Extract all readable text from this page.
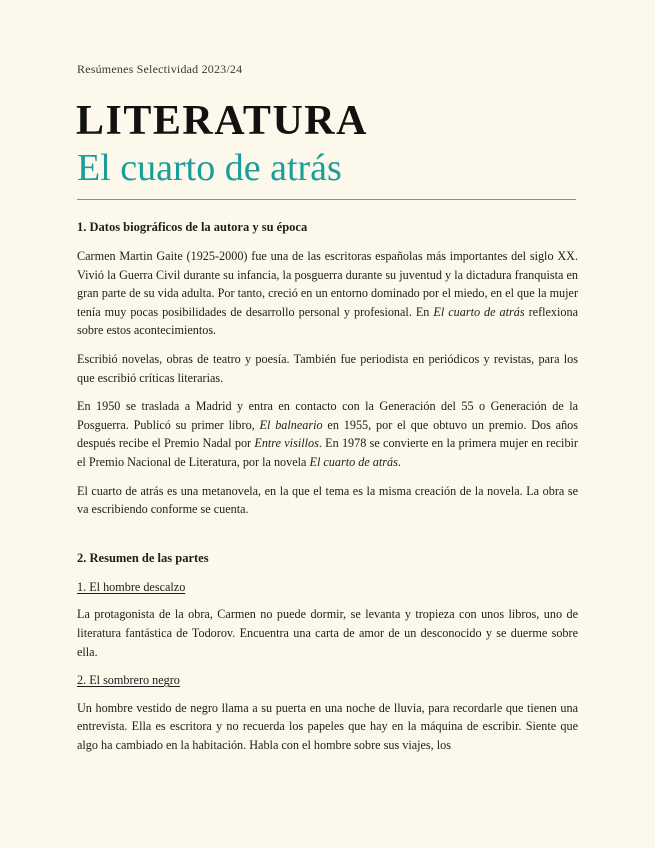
Resúmenes Selectividad 2023/24
LITERATURA
El cuarto de atrás
1. Datos biográficos de la autora y su época

Carmen Martin Gaite (1925-2000) fue una de las escritoras españolas más importantes del siglo XX. Vivió la Guerra Civil durante su infancia, la posguerra durante su juventud y la dictadura franquista en gran parte de su vida adulta. Por tanto, creció en un entorno dominado por el miedo, en el que la mujer tenía muy pocas posibilidades de desarrollo personal y profesional. En El cuarto de atrás reflexiona sobre estos acontecimientos.

Escribió novelas, obras de teatro y poesía. También fue periodista en periódicos y revistas, para los que escribió críticas literarias.

En 1950 se traslada a Madrid y entra en contacto con la Generación del 55 o Generación de la Posguerra. Publicó su primer libro, El balneario en 1955, por el que obtuvo un premio. Dos años después recibe el Premio Nadal por Entre visillos. En 1978 se convierte en la primera mujer en recibir el Premio Nacional de Literatura, por la novela El cuarto de atrás.

El cuarto de atrás es una metanovela, en la que el tema es la misma creación de la novela. La obra se va escribiendo conforme se cuenta.

2. Resumen de las partes
1. El hombre descalzo

La protagonista de la obra, Carmen no puede dormir, se levanta y tropieza con unos libros, uno de literatura fantástica de Todorov. Encuentra una carta de amor de un desconocido y se duerme sobre ella.

2. El sombrero negro

Un hombre vestido de negro llama a su puerta en una noche de lluvia, para recordarle que tienen una entrevista. Ella es escritora y no recuerda los papeles que hay en la máquina de escribir. Siente que algo ha cambiado en la habitación. Habla con el hombre sobre sus viajes, los
